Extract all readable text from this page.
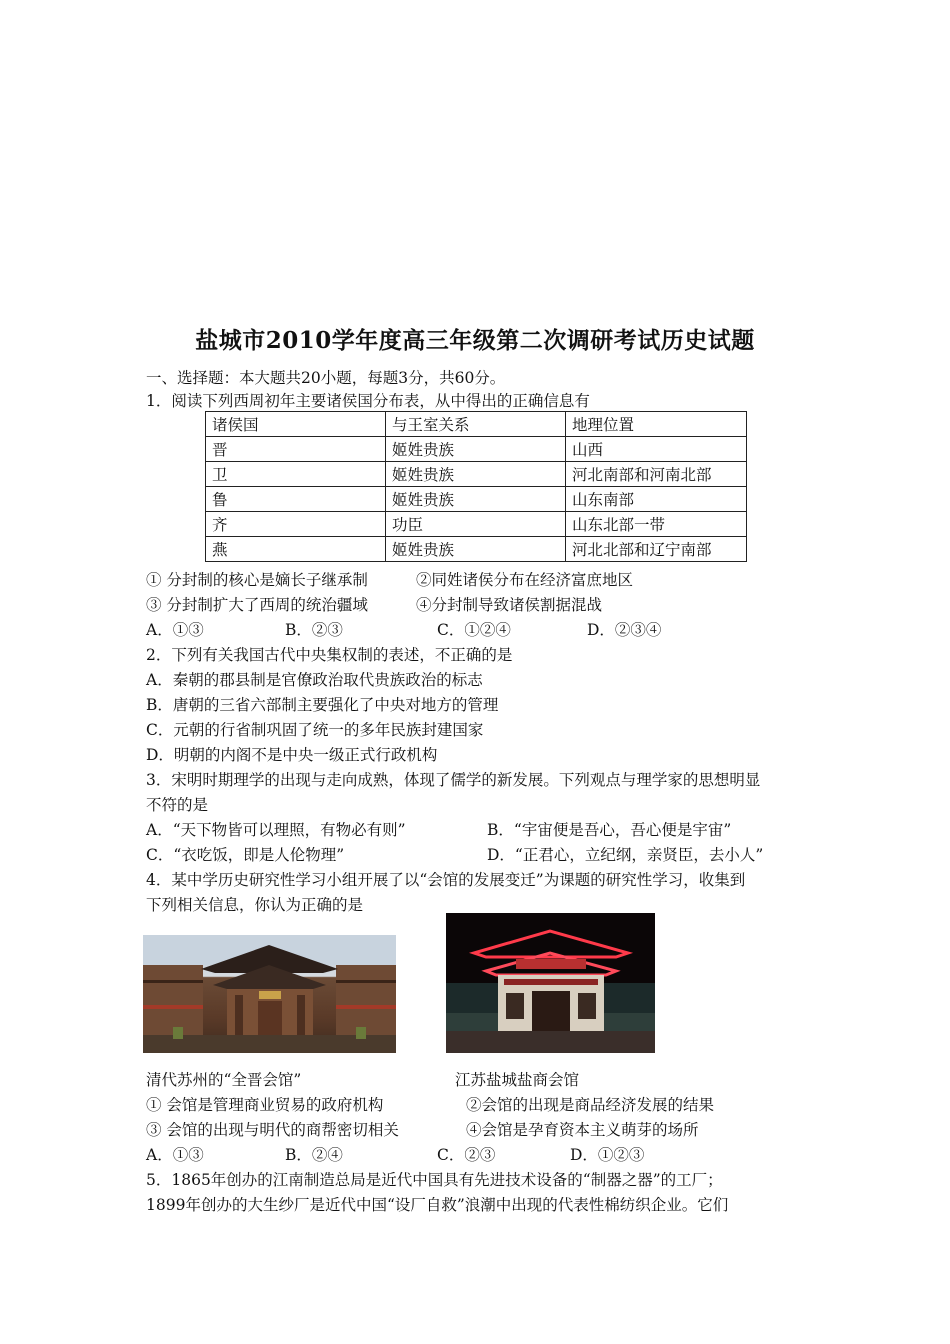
盐城市2010学年度高三年级第二次调研考试历史试题
一、选择题：本大题共20小题，每题3分，共60分。
1．阅读下列西周初年主要诸侯国分布表，从中得出的正确信息有
诸侯国	与王室关系	地理位置
晋	姬姓贵族	山西
卫	姬姓贵族	河北南部和河南北部
鲁	姬姓贵族	山东南部
齐	功臣	山东北部一带
燕	姬姓贵族	河北北部和辽宁南部
① 分封制的核心是嫡长子继承制	②同姓诸侯分布在经济富庶地区
③ 分封制扩大了西周的统治疆域	④分封制导致诸侯割据混战
A．①③	B．②③	C．①②④	D．②③④
2．下列有关我国古代中央集权制的表述，不正确的是
A．秦朝的郡县制是官僚政治取代贵族政治的标志
B．唐朝的三省六部制主要强化了中央对地方的管理
C．元朝的行省制巩固了统一的多年民族封建国家
D．明朝的内阁不是中央一级正式行政机构
3．宋明时期理学的出现与走向成熟，体现了儒学的新发展。下列观点与理学家的思想明显
不符的是
A．“天下物皆可以理照，有物必有则”	B．“宇宙便是吾心，吾心便是宇宙”
C．“衣吃饭，即是人伦物理”	D．“正君心，立纪纲，亲贤臣，去小人”
4．某中学历史研究性学习小组开展了以“会馆的发展变迁”为课题的研究性学习，收集到
下列相关信息，你认为正确的是
清代苏州的“全晋会馆”	江苏盐城盐商会馆
① 会馆是管理商业贸易的政府机构	②会馆的出现是商品经济发展的结果
③ 会馆的出现与明代的商帮密切相关	④会馆是孕育资本主义萌芽的场所
A．①③	B．②④	C．②③	D．①②③
5．1865年创办的江南制造总局是近代中国具有先进技术设备的“制器之器”的工厂；
1899年创办的大生纱厂是近代中国“设厂自救”浪潮中出现的代表性棉纺织企业。它们
